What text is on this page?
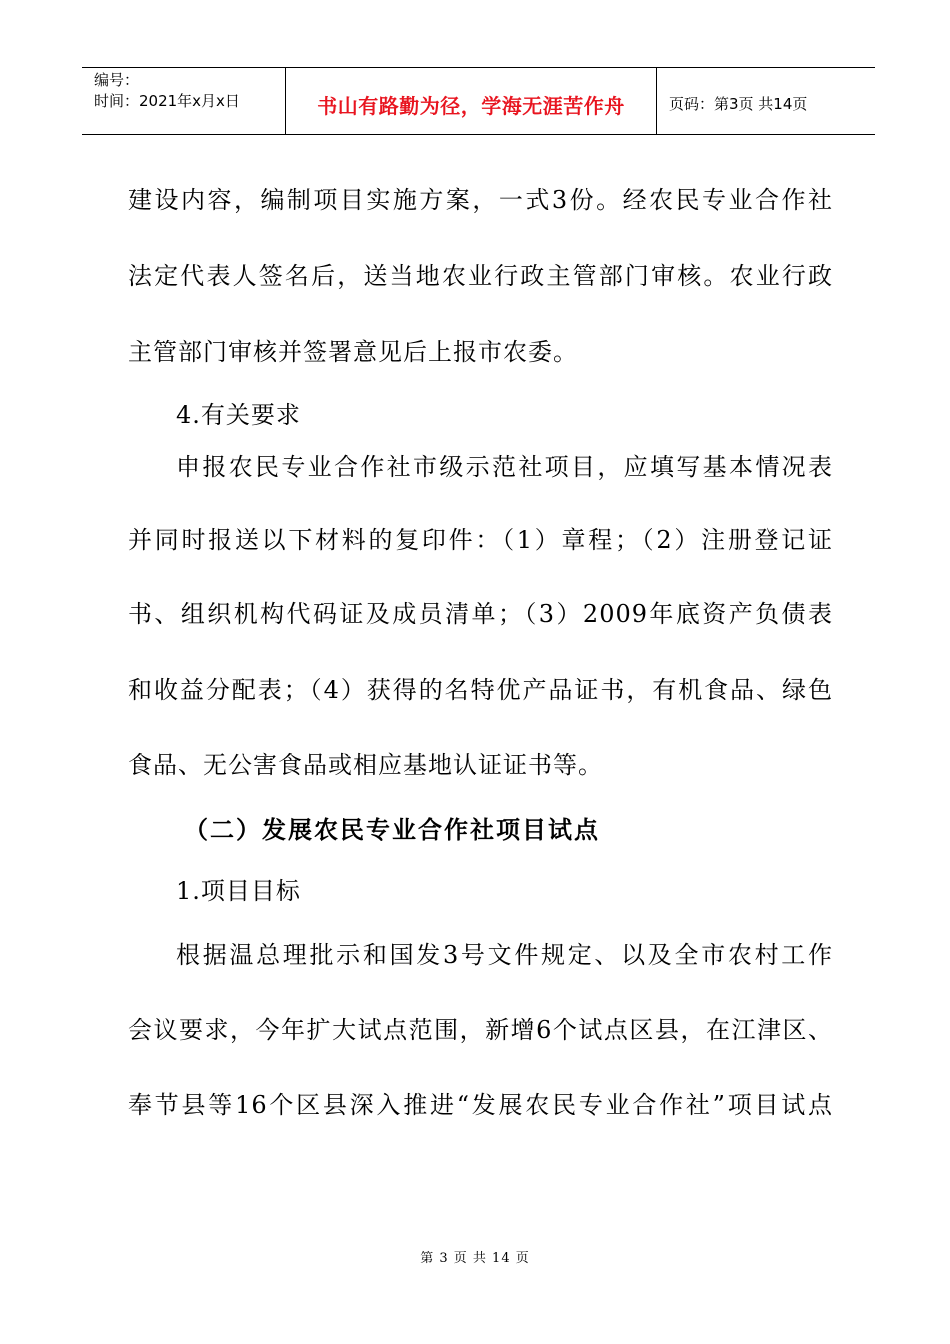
编号：
时间：2021年x月x日	书山有路勤为径，学海无涯苦作舟	页码：第3页 共14页
建设内容，编制项目实施方案，一式3份。经农民专业合作社
法定代表人签名后，送当地农业行政主管部门审核。农业行政
主管部门审核并签署意见后上报市农委。
4.有关要求
申报农民专业合作社市级示范社项目，应填写基本情况表
并同时报送以下材料的复印件：（1）章程；（2）注册登记证
书、组织机构代码证及成员清单；（3）2009年底资产负债表
和收益分配表；（4）获得的名特优产品证书，有机食品、绿色
食品、无公害食品或相应基地认证证书等。
（二）发展农民专业合作社项目试点
1.项目目标
根据温总理批示和国发3号文件规定、以及全市农村工作
会议要求，今年扩大试点范围，新增6个试点区县，在江津区、
奉节县等16个区县深入推进“发展农民专业合作社”项目试点
第 3 页 共 14 页
